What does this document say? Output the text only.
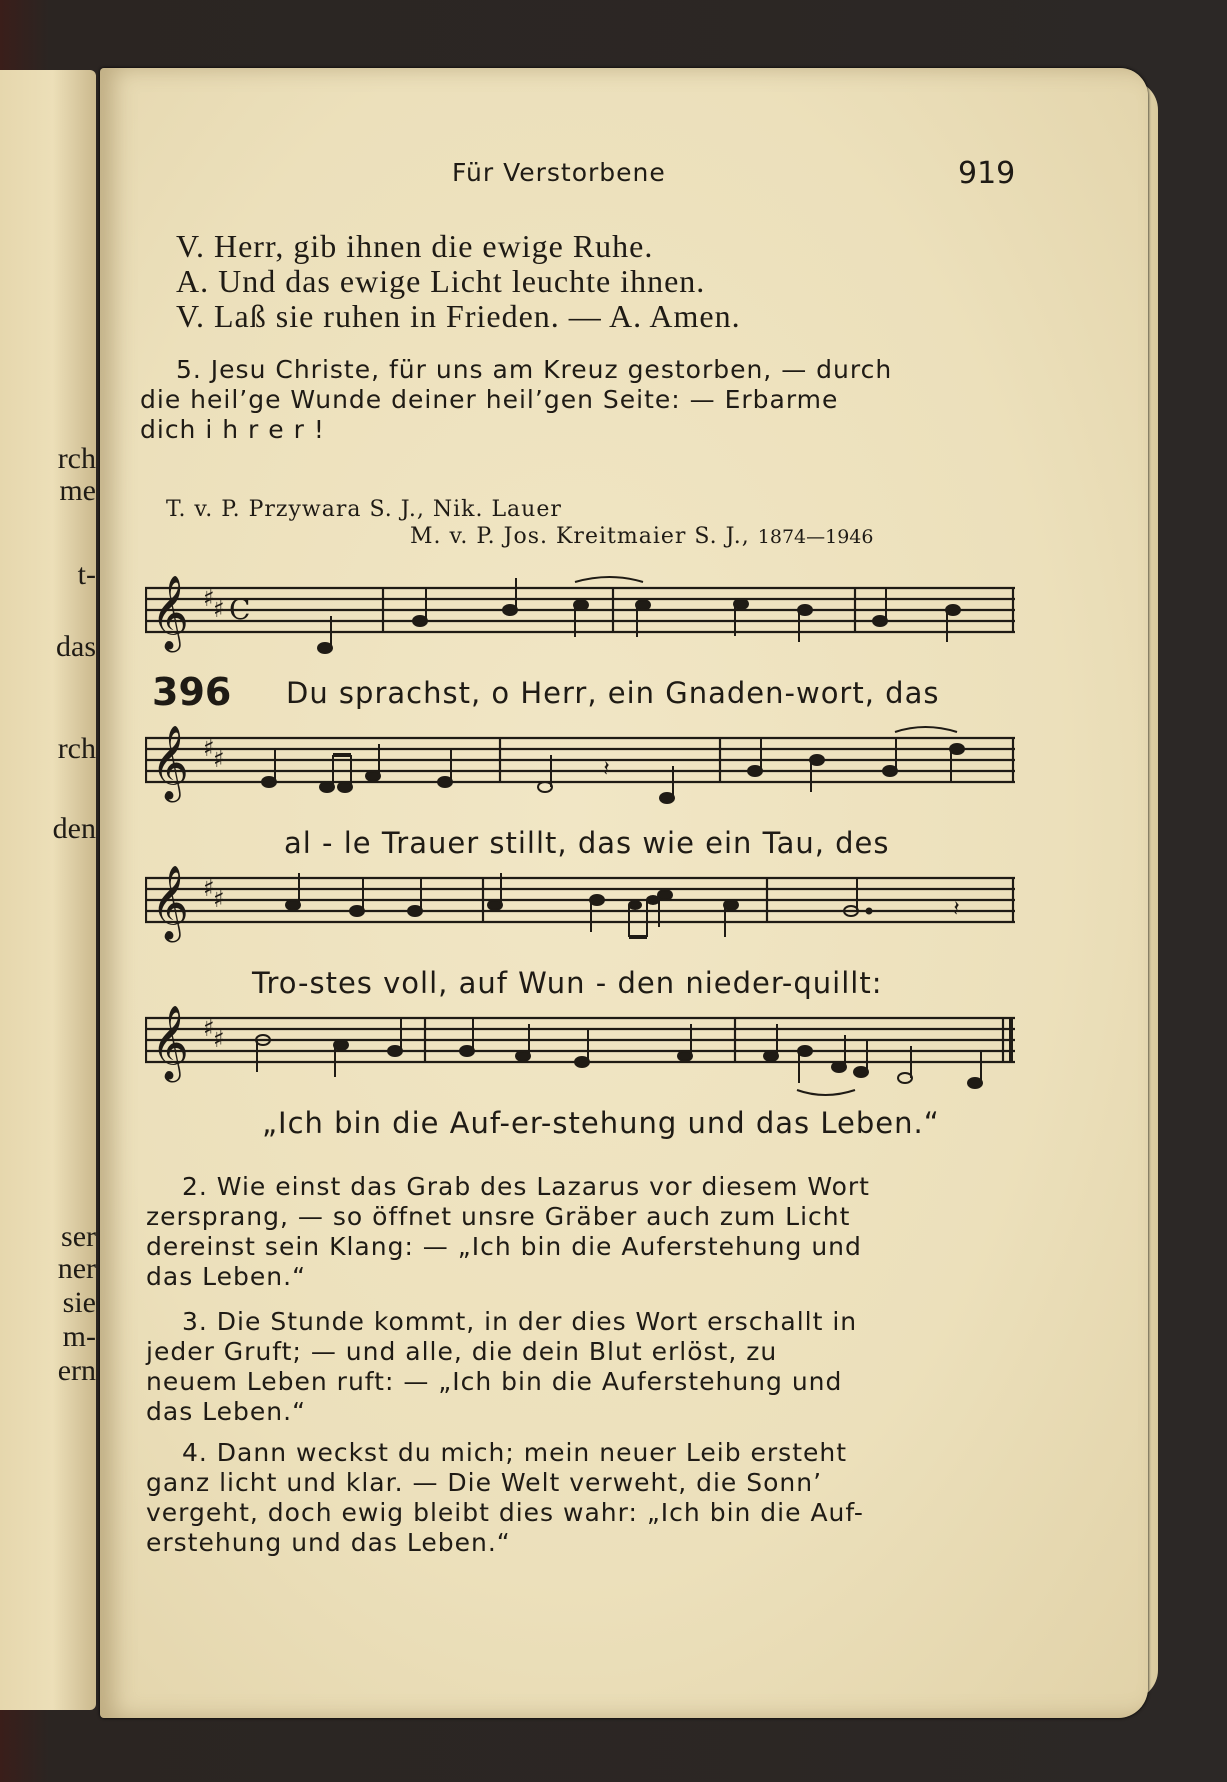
rch
me
t-
das
rch
den
ser
ner
sie
m-
ern
Für Verstorbene	919
V. Herr, gib ihnen die ewige Ruhe.
A. Und das ewige Licht leuchte ihnen.
V. Laß sie ruhen in Frieden. — A. Amen.
5. Jesu Christe, für uns am Kreuz gestorben, — durch
die heil’ge Wunde deiner heil’gen Seite: — Erbarme
dich i h r e r !
T. v. P. Przywara S. J., Nik. Lauer
M. v. P. Jos. Kreitmaier S. J., 1874—1946
𝄞 ♯
♯ C
396 Du sprachst, o Herr, ein Gnaden-wort, das
𝄞 ♯
♯	𝄽
al - le Trauer stillt, das wie ein Tau, des
𝄞 ♯
♯	𝄽
Tro-stes voll, auf Wun - den nieder-quillt:
𝄞 ♯
♯
„Ich bin die Auf-er-stehung und das Leben.“
2. Wie einst das Grab des Lazarus vor diesem Wort
zersprang, — so öffnet unsre Gräber auch zum Licht
dereinst sein Klang: — „Ich bin die Auferstehung und
das Leben.“
3. Die Stunde kommt, in der dies Wort erschallt in
jeder Gruft; — und alle, die dein Blut erlöst, zu
neuem Leben ruft: — „Ich bin die Auferstehung und
das Leben.“
4. Dann weckst du mich; mein neuer Leib ersteht
ganz licht und klar. — Die Welt verweht, die Sonn’
vergeht, doch ewig bleibt dies wahr: „Ich bin die Auf-
erstehung und das Leben.“
